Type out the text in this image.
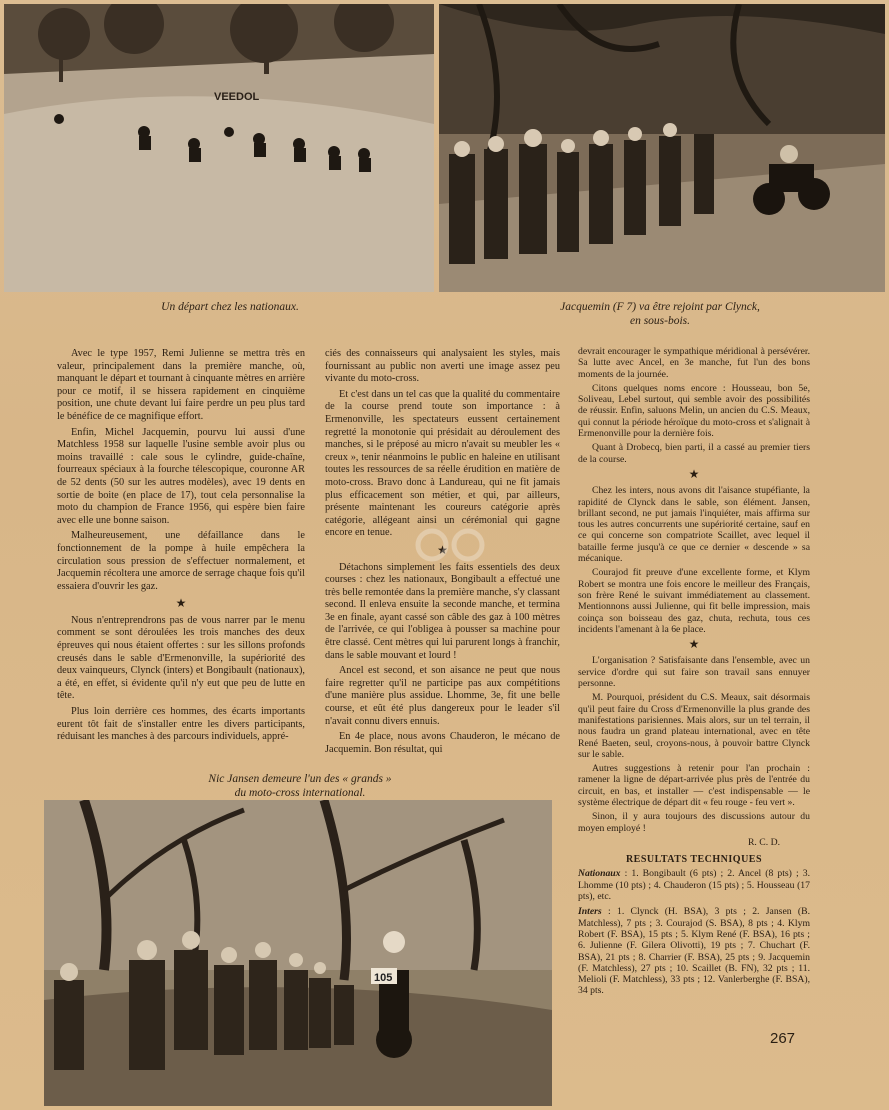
VEEDOL
Un départ chez les nationaux.	Jacquemin (F 7) va être rejoint par Clynck,
en sous-bois.

Avec le type 1957, Remi Julienne se mettra très en valeur, principalement dans la première manche, où, manquant le départ et tournant à cinquante mètres en arrière pour ce motif, il se hissera rapidement en cinquième position, une chute devant lui faire perdre un peu plus tard le bénéfice de ce magnifique effort.

Enfin, Michel Jacquemin, pourvu lui aussi d'une Matchless 1958 sur laquelle l'usine semble avoir plus ou moins travaillé : cale sous le cylindre, guide-chaîne, fourreaux spéciaux à la fourche télescopique, couronne AR de 52 dents (50 sur les autres modèles), avec 19 dents en sortie de boite (en place de 17), tout cela personnalise la moto du champion de France 1956, qui espère bien faire avec elle une bonne saison.

Malheureusement, une défaillance dans le fonctionnement de la pompe à huile empêchera la circulation sous pression de s'effectuer normalement, et Jacquemin récoltera une amorce de serrage chaque fois qu'il essaiera d'ouvrir les gaz.

★

Nous n'entreprendrons pas de vous narrer par le menu comment se sont déroulées les trois manches des deux épreuves qui nous étaient offertes : sur les sillons profonds creusés dans le sable d'Ermenonville, la supériorité des deux vainqueurs, Clynck (inters) et Bongibault (nationaux), a été, en effet, si évidente qu'il n'y eut que peu de lutte en tête.

Plus loin derrière ces hommes, des écarts importants eurent tôt fait de s'installer entre les divers participants, réduisant les manches à des parcours individuels, appré-

ciés des connaisseurs qui analysaient les styles, mais fournissant au public non averti une image assez peu vivante du moto-cross.

Et c'est dans un tel cas que la qualité du commentaire de la course prend toute son importance : à Ermenonville, les spectateurs eussent certainement regretté la monotonie qui présidait au déroulement des manches, si le préposé au micro n'avait su meubler les « creux », tenir néanmoins le public en haleine en utilisant toutes les ressources de sa réelle érudition en matière de moto-cross. Bravo donc à Landureau, qui ne fit jamais plus efficacement son métier, et qui, par ailleurs, présente maintenant les coureurs catégorie après catégorie, allégeant ainsi un cérémonial qui gagne encore en tenue.

★

Détachons simplement les faits essentiels des deux courses : chez les nationaux, Bongibault a effectué une très belle remontée dans la première manche, s'y classant second. Il enleva ensuite la seconde manche, et termina 3e en finale, ayant cassé son câble des gaz à 100 mètres de l'arrivée, ce qui l'obligea à pousser sa machine pour être classé. Cent mètres qui lui parurent longs à franchir, dans le sable mouvant et lourd !

Ancel est second, et son aisance ne peut que nous faire regretter qu'il ne participe pas aux compétitions d'une manière plus assidue. Lhomme, 3e, fit une belle course, et eût été plus dangereux pour le leader s'il n'avait connu divers ennuis.

En 4e place, nous avons Chauderon, le mécano de Jacquemin. Bon résultat, qui

devrait encourager le sympathique méridional à persévérer. Sa lutte avec Ancel, en 3e manche, fut l'un des bons moments de la journée.

Citons quelques noms encore : Housseau, bon 5e, Soliveau, Lebel surtout, qui semble avoir des possibilités de réussir. Enfin, saluons Melin, un ancien du C.S. Meaux, qui connut la période héroïque du moto-cross et s'alignait à Ermenonville pour la dernière fois.

Quant à Drobecq, bien parti, il a cassé au premier tiers de la course.

★

Chez les inters, nous avons dit l'aisance stupéfiante, la rapidité de Clynck dans le sable, son élément. Jansen, brillant second, ne put jamais l'inquiéter, mais affirma sur tous les autres concurrents une supériorité certaine, sauf en ce qui concerne son compatriote Scaillet, avec lequel il bataille ferme jusqu'à ce que ce dernier « descende » sa mécanique.

Courajod fit preuve d'une excellente forme, et Klym Robert se montra une fois encore le meilleur des Français, son frère René le suivant immédiatement au classement. Mentionnons aussi Julienne, qui fit belle impression, mais coinça son boisseau des gaz, chuta, rechuta, tous ces incidents l'amenant à la 6e place.

★

L'organisation ? Satisfaisante dans l'ensemble, avec un service d'ordre qui sut faire son travail sans ennuyer personne.

M. Pourquoi, président du C.S. Meaux, sait désormais qu'il peut faire du Cross d'Ermenonville la plus grande des manifestations parisiennes. Mais alors, sur un tel terrain, il nous faudra un grand plateau international, avec en tête René Baeten, seul, croyons-nous, à pouvoir battre Clynck sur le sable.

Autres suggestions à retenir pour l'an prochain : ramener la ligne de départ-arrivée plus près de l'entrée du circuit, en bas, et installer — c'est indispensable — le système électrique de départ dit « feu rouge - feu vert ».

Sinon, il y aura toujours des discussions autour du moyen employé !

R. C. D.
RESULTATS TECHNIQUES

Nationaux : 1. Bongibault (6 pts) ; 2. Ancel (8 pts) ; 3. Lhomme (10 pts) ; 4. Chauderon (15 pts) ; 5. Housseau (17 pts), etc.

Inters : 1. Clynck (H. BSA), 3 pts ; 2. Jansen (B. Matchless), 7 pts ; 3. Courajod (S. BSA), 8 pts ; 4. Klym Robert (F. BSA), 15 pts ; 5. Klym René (F. BSA), 16 pts ; 6. Julienne (F. Gilera Olivotti), 19 pts ; 7. Chuchart (F. BSA), 21 pts ; 8. Charrier (F. BSA), 25 pts ; 9. Jacquemin (F. Matchless), 27 pts ; 10. Scaillet (B. FN), 32 pts ; 11. Melioli (F. Matchless), 33 pts ; 12. Vanlerberghe (F. BSA), 34 pts.

Nic Jansen demeure l'un des « grands »
du moto-cross international.
105
267
